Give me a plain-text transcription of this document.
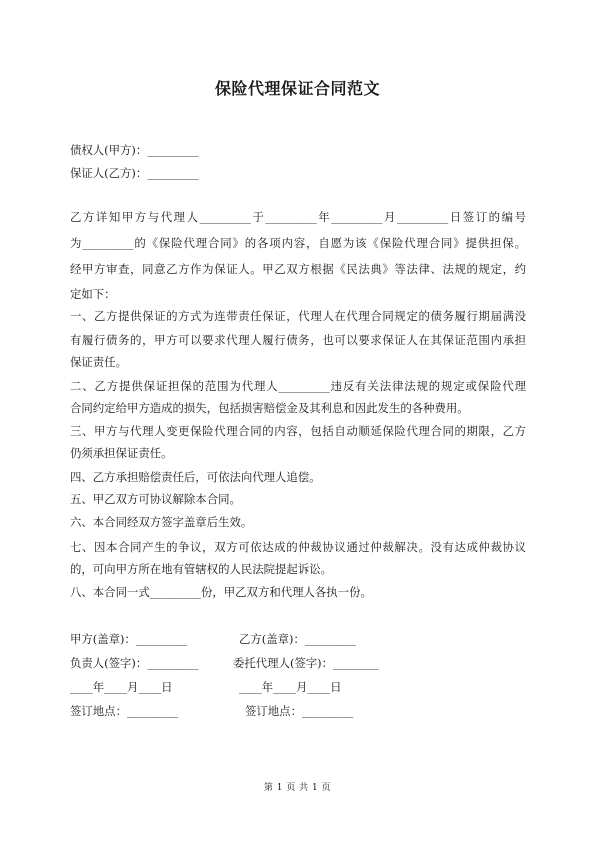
保险代理保证合同范文
债权人(甲方)：_________
保证人(乙方)：_________
乙方详知甲方与代理人_________于_________年_________月_________日签订的编号
为_________的《保险代理合同》的各项内容，自愿为该《保险代理合同》提供担保。
经甲方审查，同意乙方作为保证人。甲乙双方根据《民法典》等法律、法规的规定，约
定如下：
一、乙方提供保证的方式为连带责任保证，代理人在代理合同规定的债务履行期届满没
有履行债务的，甲方可以要求代理人履行债务，也可以要求保证人在其保证范围内承担
保证责任。
二、乙方提供保证担保的范围为代理人_________违反有关法律法规的规定或保险代理
合同约定给甲方造成的损失，包括损害赔偿金及其利息和因此发生的各种费用。
三、甲方与代理人变更保险代理合同的内容，包括自动顺延保险代理合同的期限，乙方
仍须承担保证责任。
四、乙方承担赔偿责任后，可依法向代理人追偿。
五、甲乙双方可协议解除本合同。
六、本合同经双方签字盖章后生效。
七、因本合同产生的争议，双方可依达成的仲裁协议通过仲裁解决。没有达成仲裁协议
的，可向甲方所在地有管辖权的人民法院提起诉讼。
八、本合同一式_________份，甲乙双方和代理人各执一份。
甲方(盖章)：_________
负责人(签字)：_________
____年____月____日
签订地点：_________
乙方(盖章)：_________
委托代理人(签字)：________
____年____月____日
签订地点：_________
第 1 页 共 1 页
